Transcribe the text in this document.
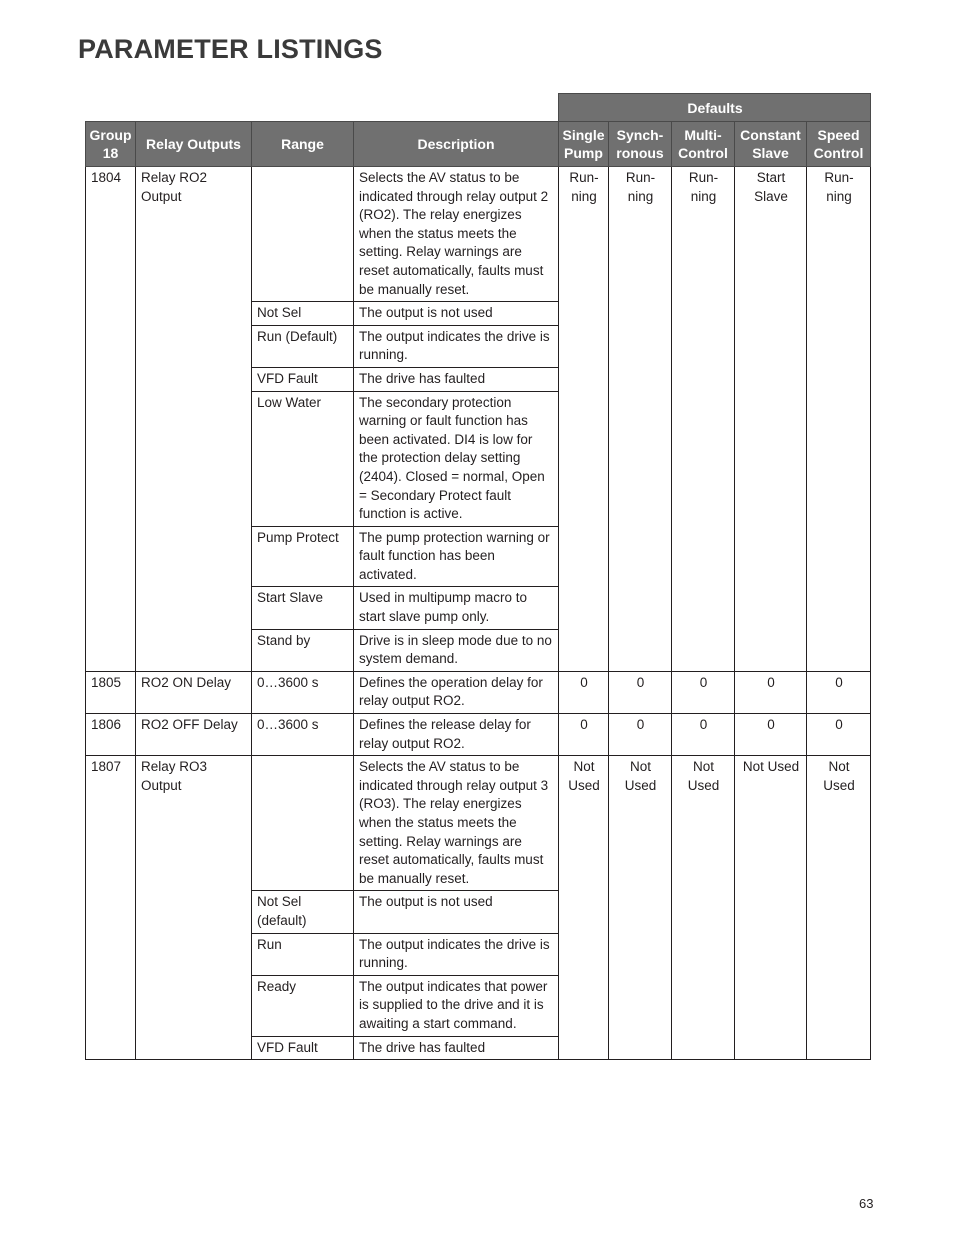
PARAMETER LISTINGS
				Defaults				
Group 18	Relay Outputs	Range	Description	Single Pump	Synch- ronous	Multi- Control	Constant Slave	Speed Control
1804	Relay RO2 Output		Selects the AV status to be indicated through relay output 2 (RO2). The relay energizes when the status meets the setting. Relay warnings are reset automatically, faults must be manually reset.	Run- ning	Run- ning	Run- ning	Start Slave	Run- ning
		Not Sel	The output is not used					
		Run (Default)	The output indicates the drive is running.					
		VFD Fault	The drive has faulted					
		Low Water	The secondary protection warning or fault function has been activated. DI4 is low for the protection delay setting (2404). Closed = normal, Open = Secondary Protect fault function is active.					
		Pump Protect	The pump protection warning or fault function has been activated.					
		Start Slave	Used in multipump macro to start slave pump only.					
		Stand by	Drive is in sleep mode due to no system demand.					
1805	RO2 ON Delay	0…3600 s	Defines the operation delay for relay output RO2.	0	0	0	0	0
1806	RO2 OFF Delay	0…3600 s	Defines the release delay for relay output RO2.	0	0	0	0	0
1807	Relay RO3 Output		Selects the AV status to be indicated through relay output 3 (RO3). The relay energizes when the status meets the setting. Relay warnings are reset automatically, faults must be manually reset.	Not Used	Not Used	Not Used	Not Used	Not Used
		Not Sel (default)	The output is not used					
		Run	The output indicates the drive is running.					
		Ready	The output indicates that power is supplied to the drive and it is awaiting a start command.					
		VFD Fault	The drive has faulted					
63
